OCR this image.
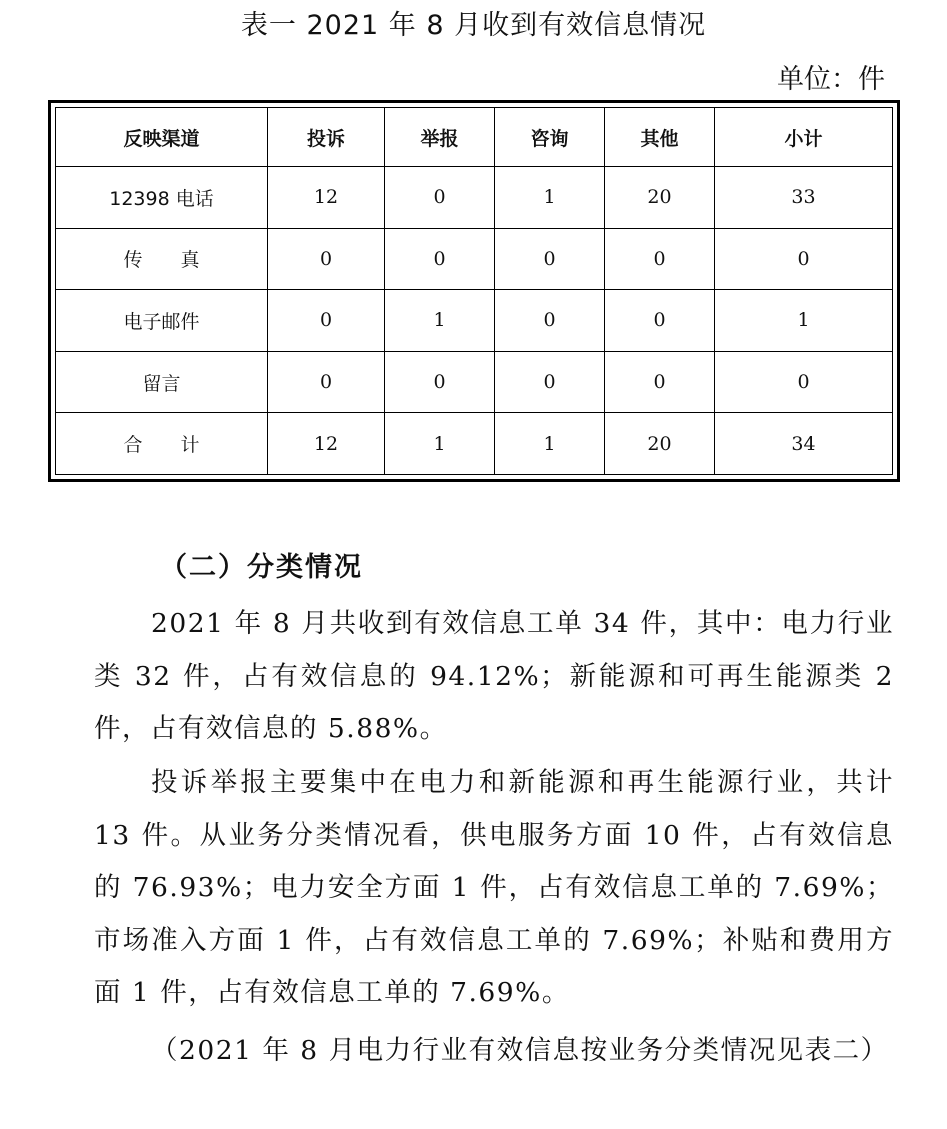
表一 2021 年 8 月收到有效信息情况
单位：件
反映渠道	投诉	举报	咨询	其他	小计
12398 电话	12	0	1	20	33
传　　真	0	0	0	0	0
电子邮件	0	1	0	0	1
留言	0	0	0	0	0
合　　计	12	1	1	20	34
（二）分类情况

2021 年 8 月共收到有效信息工单 34 件，其中：电力行业类 32 件，占有效信息的 94.12%；新能源和可再生能源类 2 件，占有效信息的 5.88%。

投诉举报主要集中在电力和新能源和再生能源行业，共计 13 件。从业务分类情况看，供电服务方面 10 件，占有效信息的 76.93%；电力安全方面 1 件，占有效信息工单的 7.69%；市场准入方面 1 件，占有效信息工单的 7.69%；补贴和费用方面 1 件，占有效信息工单的 7.69%。

（2021 年 8 月电力行业有效信息按业务分类情况见表二）
